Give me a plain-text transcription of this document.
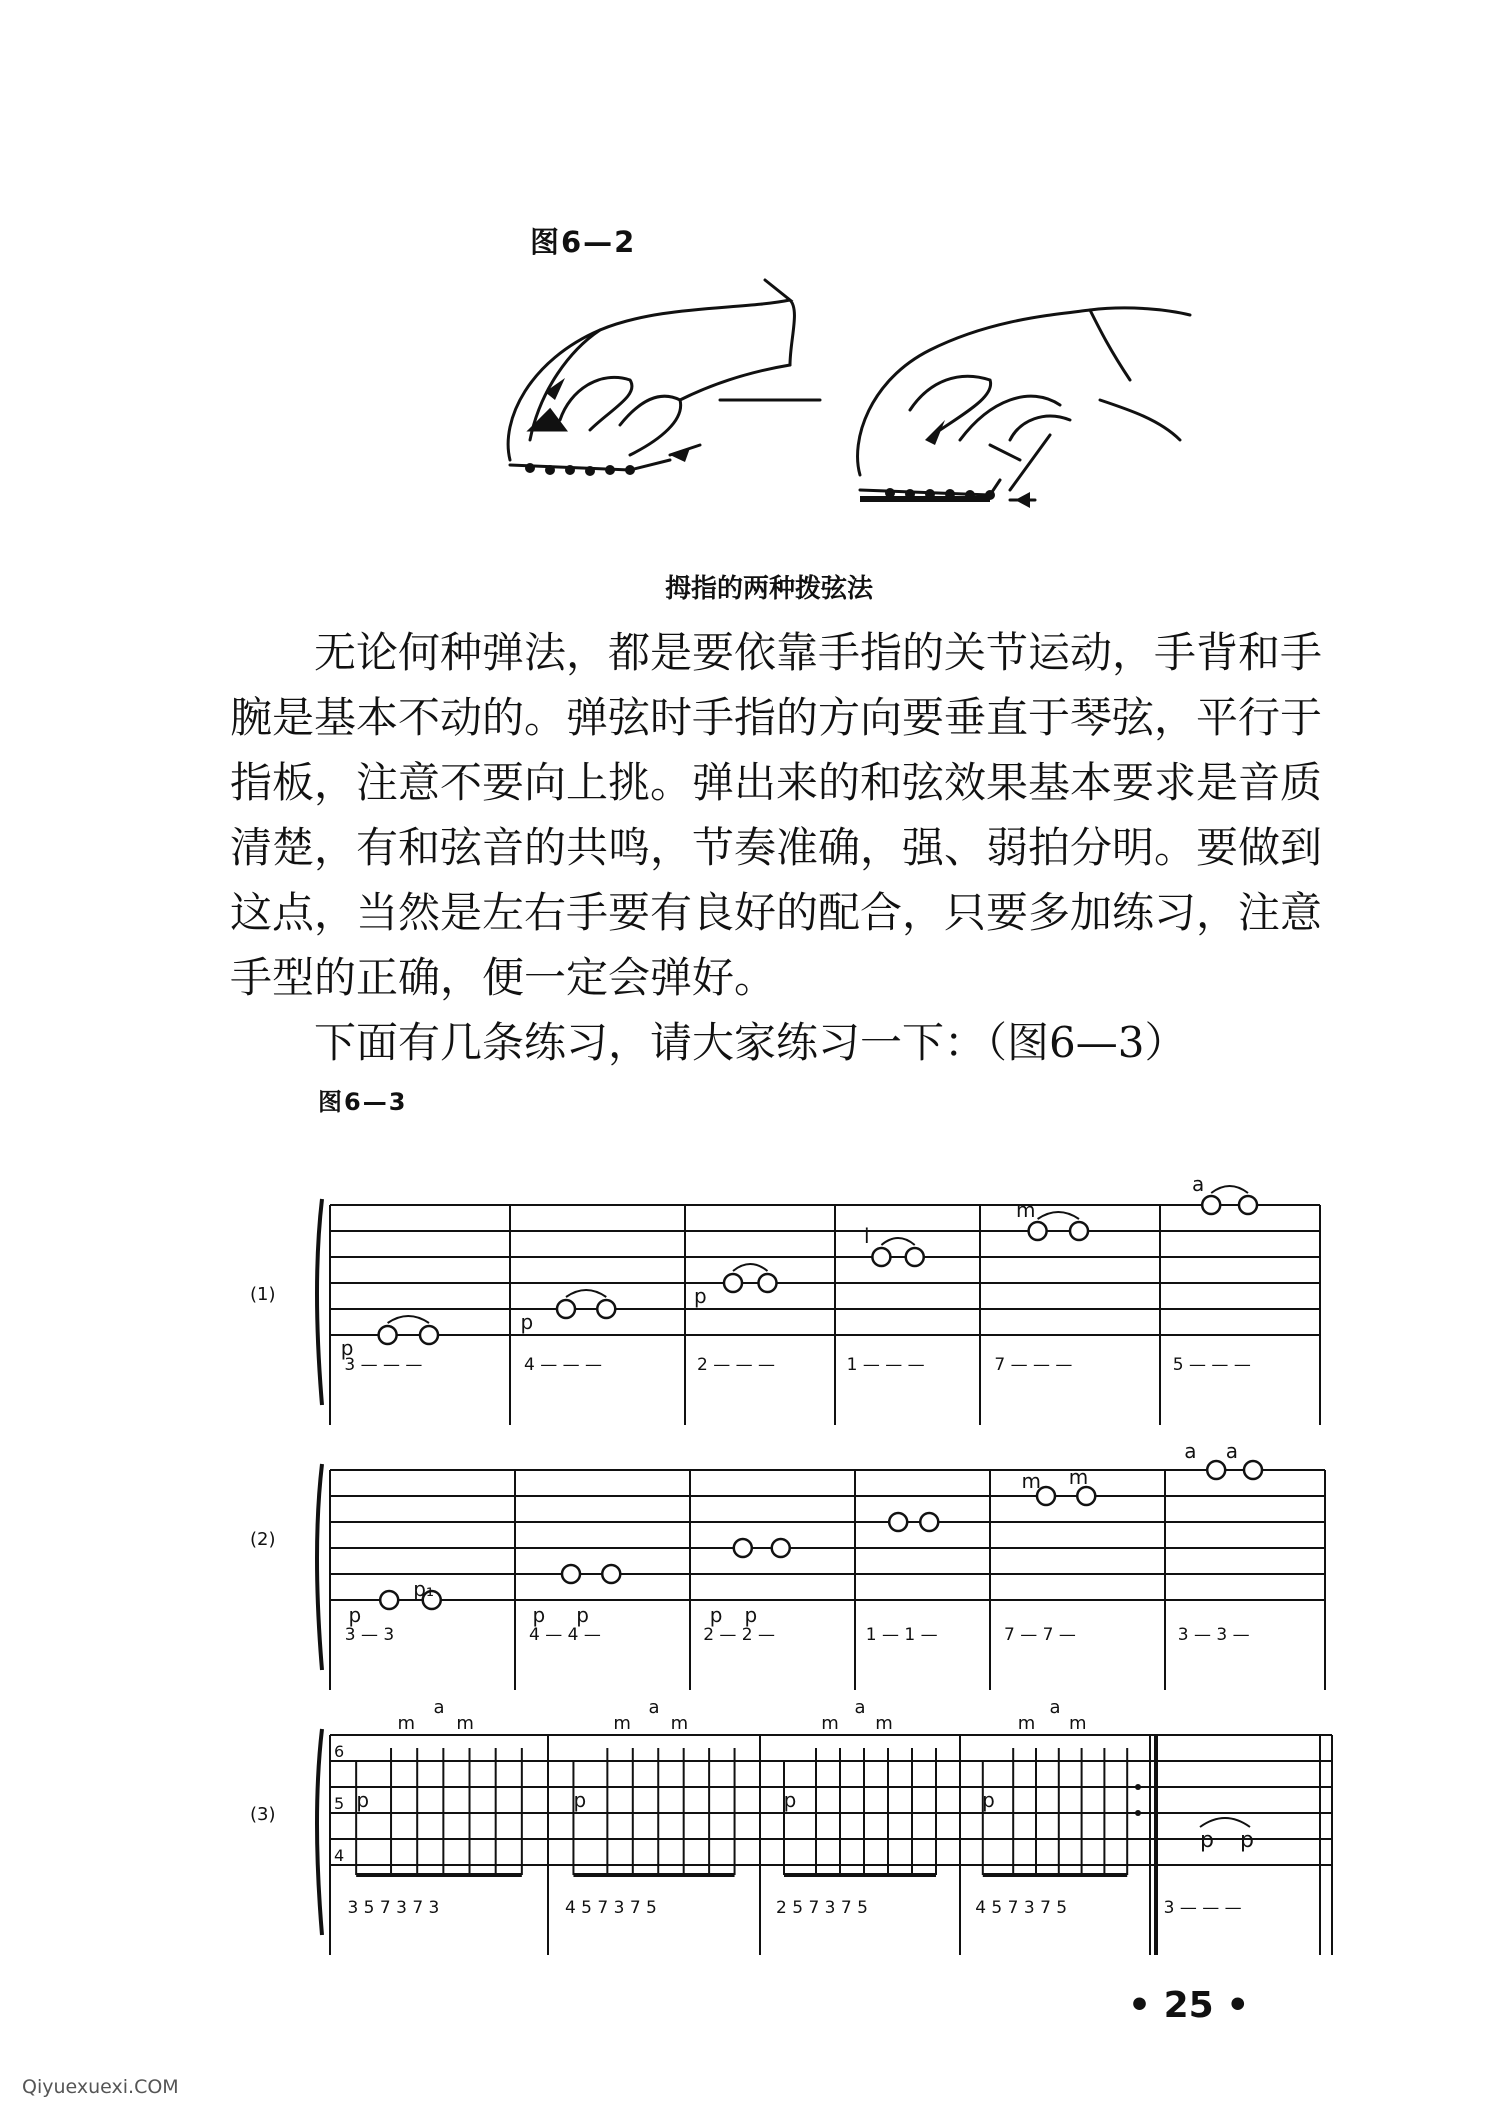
图6—2
拇指的两种拨弦法

无论何种弹法，都是要依靠手指的关节运动，手背和手腕是基本不动的。弹弦时手指的方向要垂直于琴弦，平行于指板，注意不要向上挑。弹出来的和弦效果基本要求是音质清楚，有和弦音的共鸣，节奏准确，强、弱拍分明。要做到这点，当然是左右手要有良好的配合，只要多加练习，注意手型的正确，便一定会弹好。

下面有几条练习，请大家练习一下：（图6—3）

图6—3
(1)
p
p
p
i
m
a
3 — — —	4 — — —	2 — — —	1 — — —	7 — — —	5 — — —
(2)
p
p₁
p p	p p
m m
a a
3 — 3	4 — 4 —	2 — 2 —	1 — 1 —	7 — 7 —	3 — 3 —
(3)
a
m m
p
a
m m
p
a
m m
p
a
m m
p
6
5
4
p p
3 5 7 3 7 3	4 5 7 3 7 5	2 5 7 3 7 5	4 5 7 3 7 5	3 — — —
• 25 •
Qiyuexuexi.COM
